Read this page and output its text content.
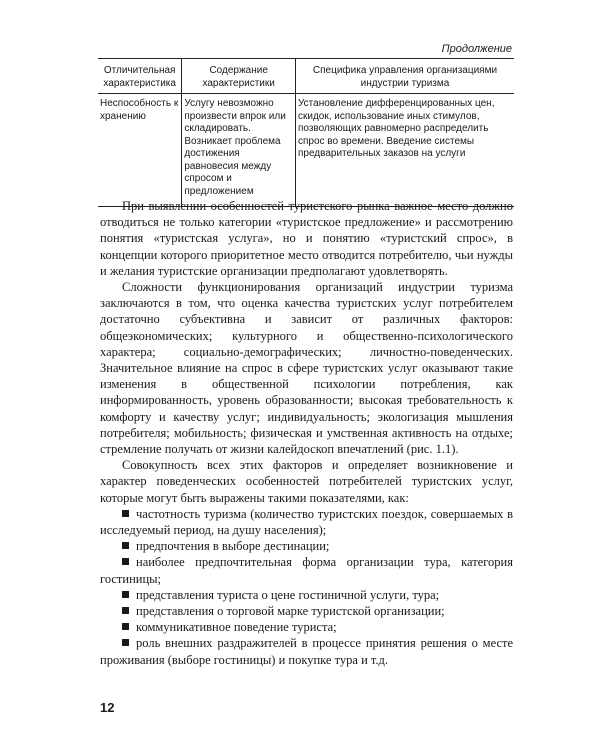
Продолжение
Отличительная характеристика	Содержание характеристики	Специфика управления организациями индустрии туризма
Неспособность к хранению	Услугу невозможно произвести впрок или складировать. Возникает проблема достижения равновесия между спросом и предложением	Установление дифференцированных цен, скидок, использование иных стимулов, позволяющих равномерно распределить спрос во времени. Введение системы предварительных заказов на услуги

При выявлении особенностей туристского рынка важное место должно отводиться не только категории «туристское предложение» и рассмотрению понятия «туристская услуга», но и понятию «туристский спрос», в концепции которого приоритетное место отводится потребителю, чьи нужды и желания туристские организации предполагают удовлетворять.

Сложности функционирования организаций индустрии туризма заключаются в том, что оценка качества туристских услуг потребителем достаточно субъективна и зависит от различных факторов: общеэкономических; культурного и общественно-психологического характера; социально-демографических; личностно-поведенческих. Значительное влияние на спрос в сфере туристских услуг оказывают такие изменения в общественной психологии потребления, как информированность, уровень образованности; высокая требовательность к комфорту и качеству услуг; индивидуальность; экологизация мышления потребителя; мобильность; физическая и умственная активность на отдыхе; стремление получать от жизни калейдоскоп впечатлений (рис. 1.1).

Совокупность всех этих факторов и определяет возникновение и характер поведенческих особенностей потребителей туристских услуг, которые могут быть выражены такими показателями, как:

частотность туризма (количество туристских поездок, совершаемых в исследуемый период, на душу населения);
предпочтения в выборе дестинации;
наиболее предпочтительная форма организации тура, категория гостиницы;
представления туриста о цене гостиничной услуги, тура;
представления о торговой марке туристской организации;
коммуникативное поведение туриста;
роль внешних раздражителей в процессе принятия решения о месте проживания (выборе гостиницы) и покупке тура и т.д.
12
